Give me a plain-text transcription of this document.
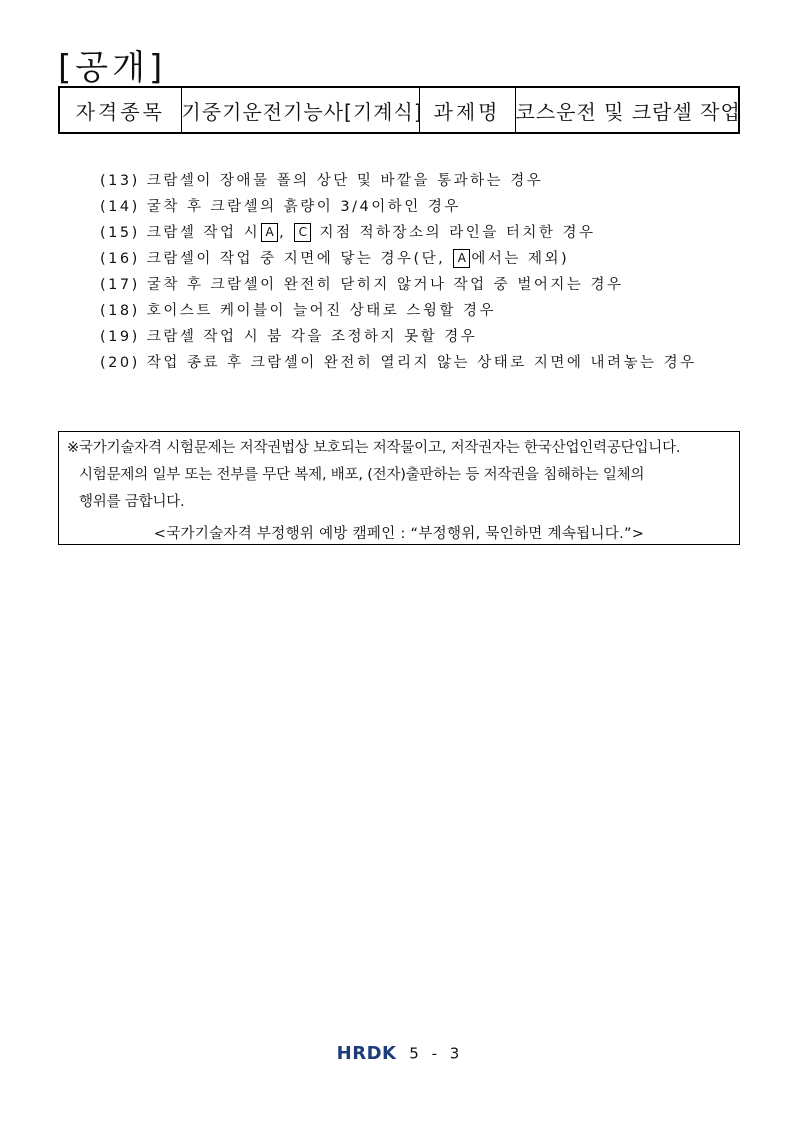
[공개]
자격종목	기중기운전기능사[기계식]	과제명	코스운전 및 크람셀 작업
(13) 크람셀이 장애물 폴의 상단 및 바깥을 통과하는 경우
(14) 굴착 후 크람셀의 흙량이 3/4이하인 경우
(15) 크람셀 작업 시 A , C 지점 적하장소의 라인을 터치한 경우
(16) 크람셀이 작업 중 지면에 닿는 경우(단, A 에서는 제외)
(17) 굴착 후 크람셀이 완전히 닫히지 않거나 작업 중 벌어지는 경우
(18) 호이스트 케이블이 늘어진 상태로 스윙할 경우
(19) 크람셀 작업 시 붐 각을 조정하지 못할 경우
(20) 작업 종료 후 크람셀이 완전히 열리지 않는 상태로 지면에 내려놓는 경우
※국가기술자격 시험문제는 저작권법상 보호되는 저작물이고, 저작권자는 한국산업인력공단입니다.
시험문제의 일부 또는 전부를 무단 복제, 배포, (전자)출판하는 등 저작권을 침해하는 일체의
행위를 금합니다.
<국가기술자격 부정행위 예방 캠페인 : “부정행위, 묵인하면 계속됩니다.”>
HRDK 5 - 3
